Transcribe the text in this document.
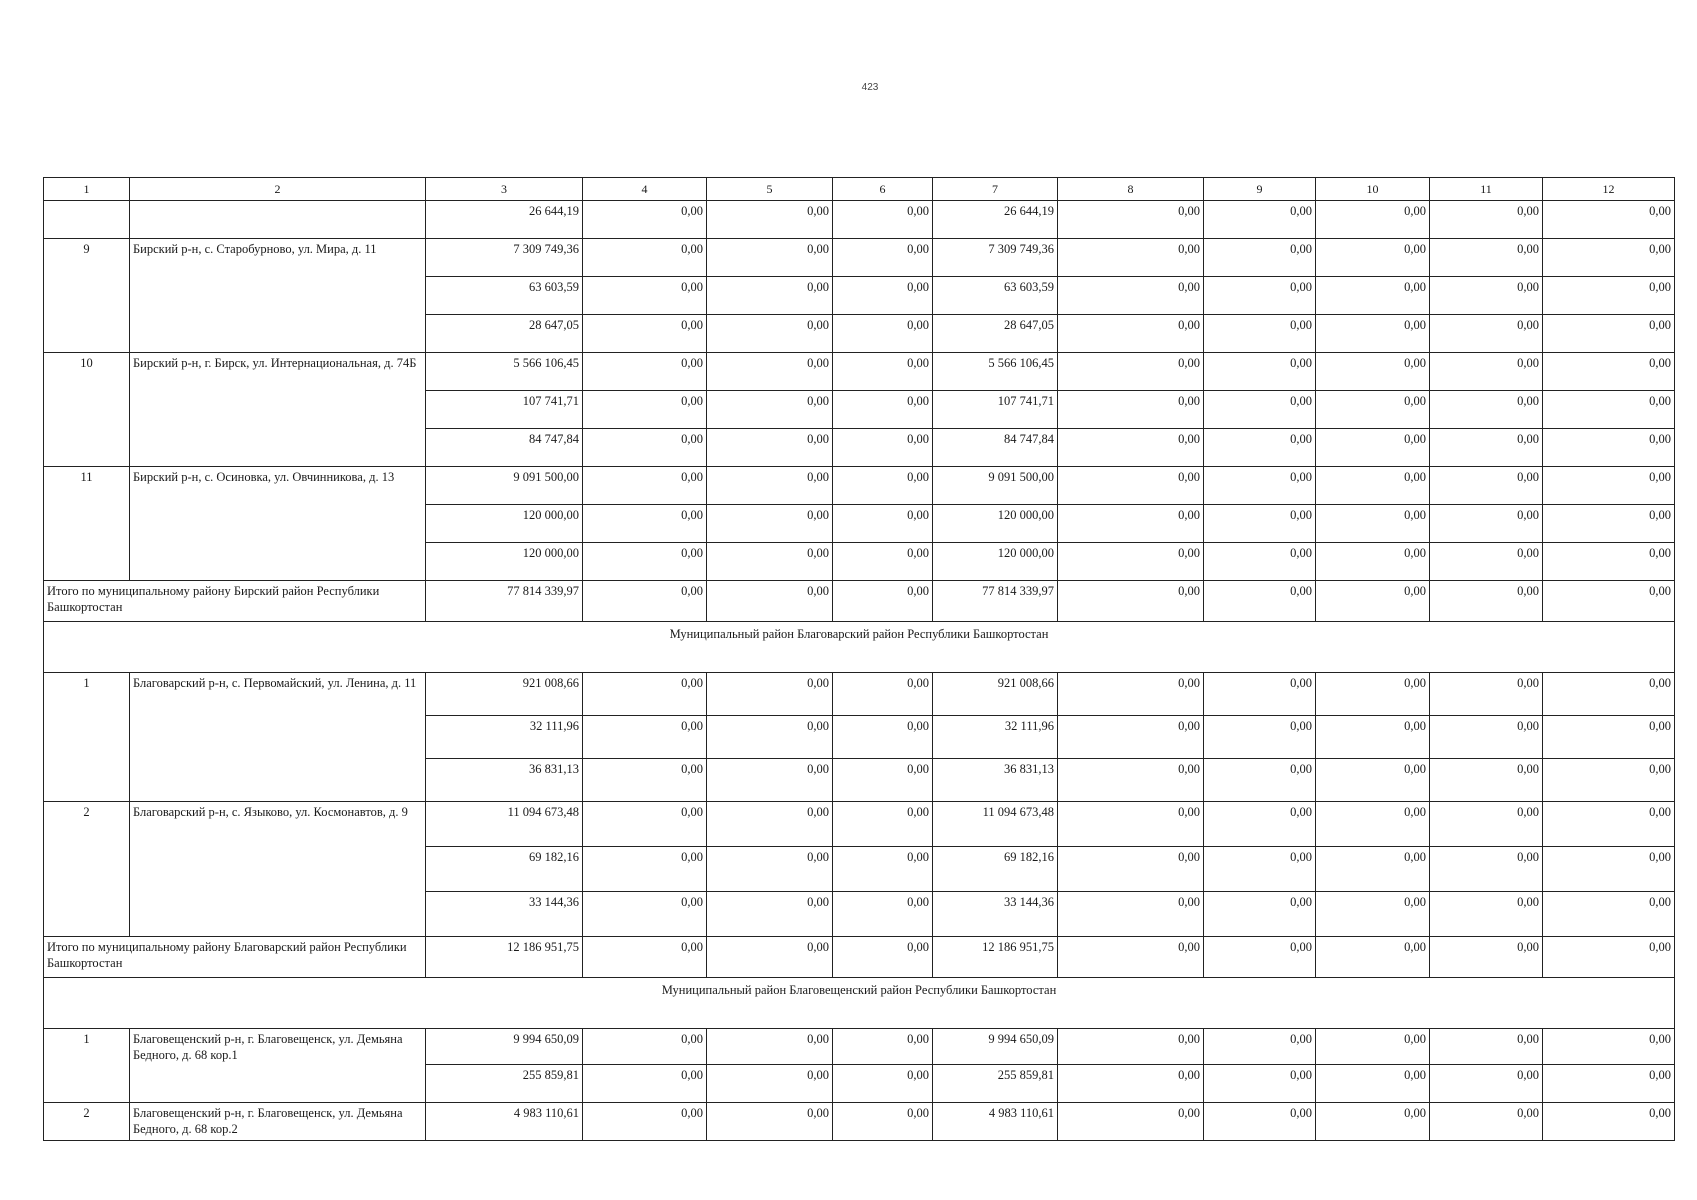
423
1	2	3	4	5	6	7	8	9	10	11	12
		26 644,19	0,00	0,00	0,00	26 644,19	0,00	0,00	0,00	0,00	0,00
9	Бирский р-н, с. Старобурново, ул. Мира, д. 11	7 309 749,36	0,00	0,00	0,00	7 309 749,36	0,00	0,00	0,00	0,00	0,00
		63 603,59	0,00	0,00	0,00	63 603,59	0,00	0,00	0,00	0,00	0,00
		28 647,05	0,00	0,00	0,00	28 647,05	0,00	0,00	0,00	0,00	0,00
10	Бирский р-н, г. Бирск, ул. Интернациональная, д. 74Б	5 566 106,45	0,00	0,00	0,00	5 566 106,45	0,00	0,00	0,00	0,00	0,00
		107 741,71	0,00	0,00	0,00	107 741,71	0,00	0,00	0,00	0,00	0,00
		84 747,84	0,00	0,00	0,00	84 747,84	0,00	0,00	0,00	0,00	0,00
11	Бирский р-н, с. Осиновка, ул. Овчинникова, д. 13	9 091 500,00	0,00	0,00	0,00	9 091 500,00	0,00	0,00	0,00	0,00	0,00
		120 000,00	0,00	0,00	0,00	120 000,00	0,00	0,00	0,00	0,00	0,00
		120 000,00	0,00	0,00	0,00	120 000,00	0,00	0,00	0,00	0,00	0,00
Итого по муниципальному району Бирский район Республики Башкортостан		77 814 339,97	0,00	0,00	0,00	77 814 339,97	0,00	0,00	0,00	0,00	0,00
Муниципальный район Благоварский район Республики Башкортостан											
1	Благоварский р-н, с. Первомайский, ул. Ленина, д. 11	921 008,66	0,00	0,00	0,00	921 008,66	0,00	0,00	0,00	0,00	0,00
		32 111,96	0,00	0,00	0,00	32 111,96	0,00	0,00	0,00	0,00	0,00
		36 831,13	0,00	0,00	0,00	36 831,13	0,00	0,00	0,00	0,00	0,00
2	Благоварский р-н, с. Языково, ул. Космонавтов, д. 9	11 094 673,48	0,00	0,00	0,00	11 094 673,48	0,00	0,00	0,00	0,00	0,00
		69 182,16	0,00	0,00	0,00	69 182,16	0,00	0,00	0,00	0,00	0,00
		33 144,36	0,00	0,00	0,00	33 144,36	0,00	0,00	0,00	0,00	0,00
Итого по муниципальному району Благоварский район Республики Башкортостан		12 186 951,75	0,00	0,00	0,00	12 186 951,75	0,00	0,00	0,00	0,00	0,00
Муниципальный район Благовещенский район Республики Башкортостан											
1	Благовещенский р-н, г. Благовещенск, ул. Демьяна Бедного, д. 68 кор.1	9 994 650,09	0,00	0,00	0,00	9 994 650,09	0,00	0,00	0,00	0,00	0,00
		255 859,81	0,00	0,00	0,00	255 859,81	0,00	0,00	0,00	0,00	0,00
2	Благовещенский р-н, г. Благовещенск, ул. Демьяна Бедного, д. 68 кор.2	4 983 110,61	0,00	0,00	0,00	4 983 110,61	0,00	0,00	0,00	0,00	0,00
